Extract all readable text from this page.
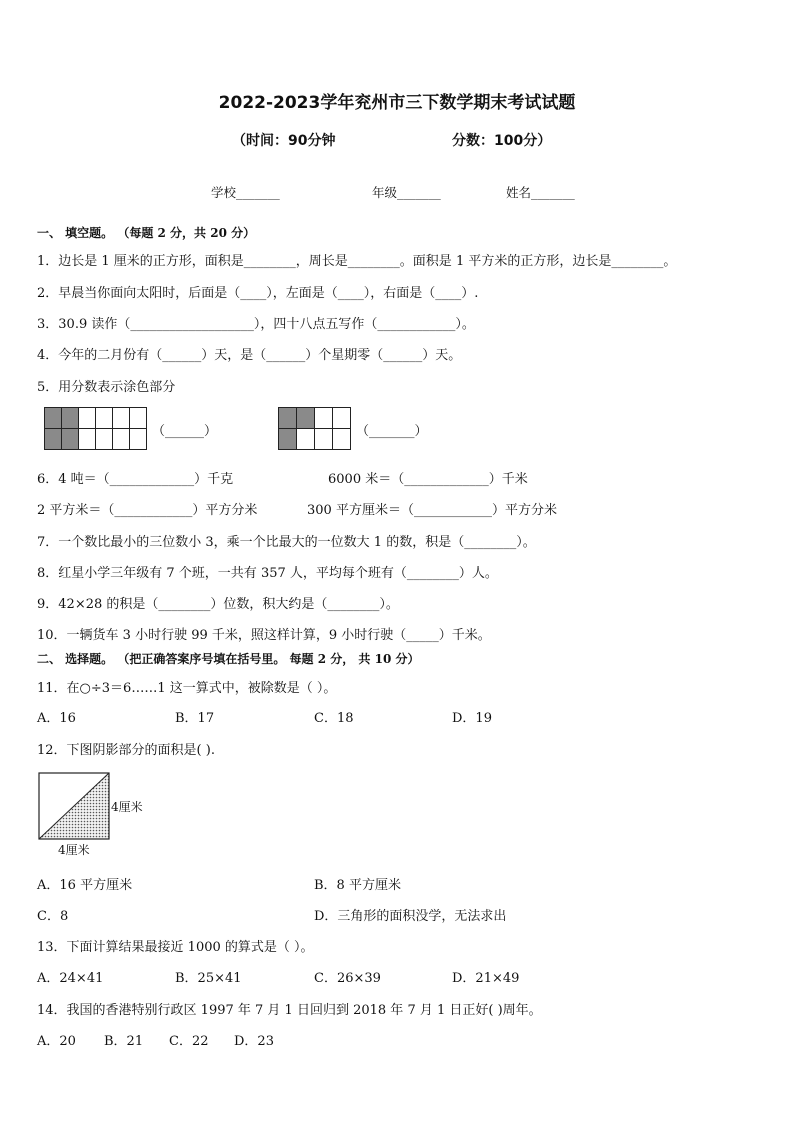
2022-2023学年兖州市三下数学期末考试试题
（时间：90分钟	分数：100分）
学校_______	年级_______	姓名_______
一、 填空题。 （每题 2 分，共 20 分）
1．边长是 1 厘米的正方形，面积是________，周长是________。面积是 1 平方米的正方形，边长是________。
2．早晨当你面向太阳时，后面是（____），左面是（____），右面是（____）.
3．30.9 读作（___________________），四十八点五写作（____________）。
4．今年的二月份有（______）天，是（______）个星期零（______）天。
5．用分数表示涂色部分
（______）	（_______）
6．4 吨＝（_____________）千克	6000 米＝（_____________）千米
2 平方米＝（____________）平方分米	300 平方厘米＝（____________）平方分米
7．一个数比最小的三位数小 3，乘一个比最大的一位数大 1 的数，积是（________）。
8．红星小学三年级有 7 个班，一共有 357 人，平均每个班有（________）人。
9．42×28 的积是（________）位数，积大约是（________）。
10．一辆货车 3 小时行驶 99 千米，照这样计算，9 小时行驶（_____）千米。
二、 选择题。 （把正确答案序号填在括号里。 每题 2 分， 共 10 分）
11．在○÷3＝6……1 这一算式中，被除数是（ ）。
A．16	B．17	C．18	D．19
12．下图阴影部分的面积是( ).
4厘米
4厘米
A．16 平方厘米	B．8 平方厘米
C．8	D．三角形的面积没学，无法求出
13．下面计算结果最接近 1000 的算式是（ ）。
A．24×41	B．25×41	C．26×39	D．21×49
14．我国的香港特别行政区 1997 年 7 月 1 日回归到 2018 年 7 月 1 日正好( )周年。
A．20 B．21 C．22 D．23
